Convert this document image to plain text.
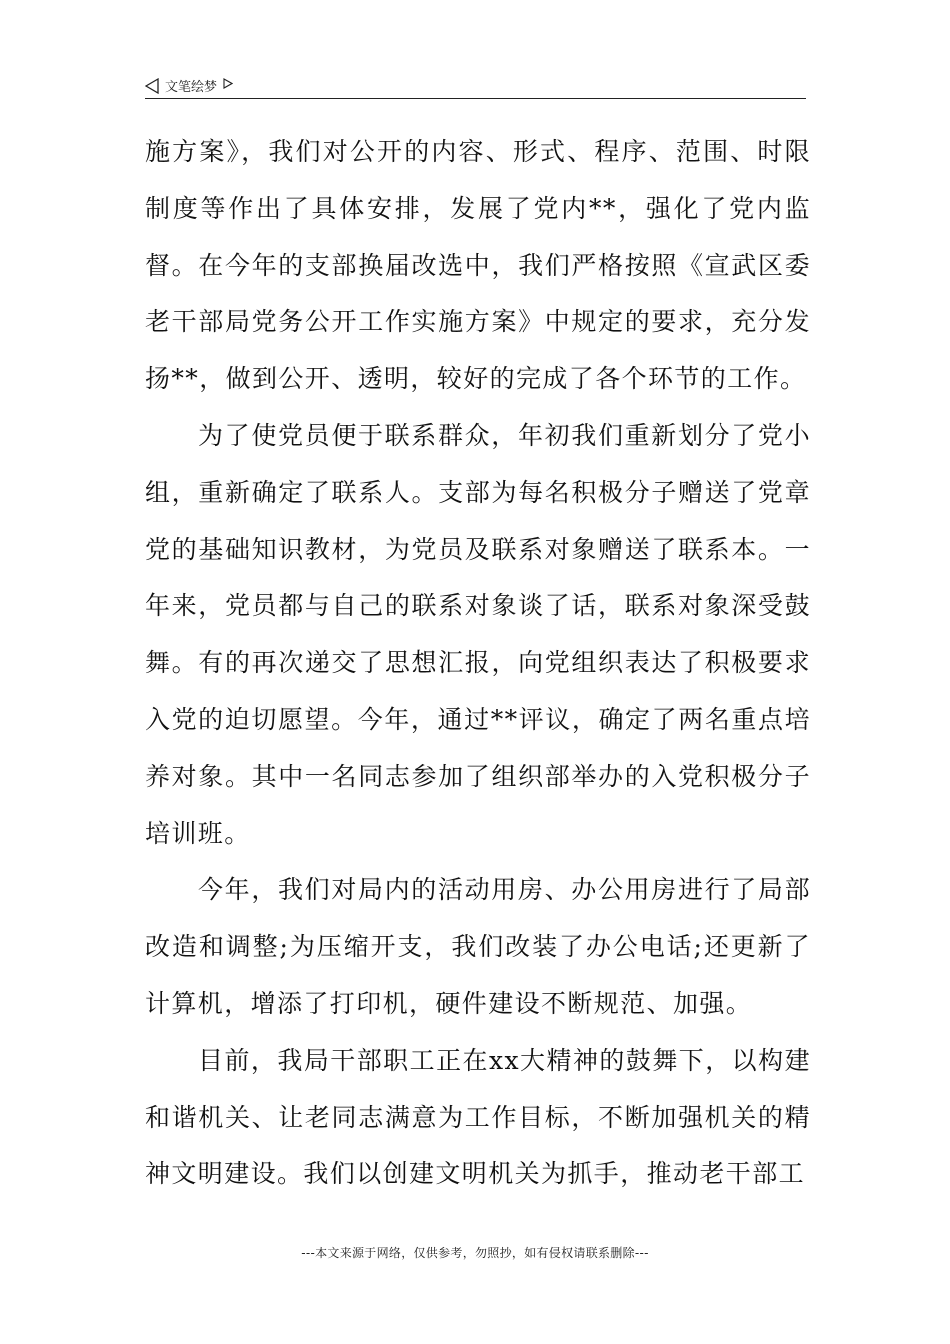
文笔绘梦

施方案》，我们对公开的内容、形式、程序、范围、时限制度等作出了具体安排，发展了党内**，强化了党内监督。在今年的支部换届改选中，我们严格按照《宣武区委老干部局党务公开工作实施方案》中规定的要求，充分发扬**，做到公开、透明，较好的完成了各个环节的工作。

为了使党员便于联系群众，年初我们重新划分了党小组，重新确定了联系人。支部为每名积极分子赠送了党章党的基础知识教材，为党员及联系对象赠送了联系本。一年来，党员都与自己的联系对象谈了话，联系对象深受鼓舞。有的再次递交了思想汇报，向党组织表达了积极要求入党的迫切愿望。今年，通过**评议，确定了两名重点培养对象。其中一名同志参加了组织部举办的入党积极分子培训班。

今年，我们对局内的活动用房、办公用房进行了局部改造和调整;为压缩开支，我们改装了办公电话;还更新了计算机，增添了打印机，硬件建设不断规范、加强。

目前，我局干部职工正在xx大精神的鼓舞下，以构建和谐机关、让老同志满意为工作目标，不断加强机关的精神文明建设。我们以创建文明机关为抓手，推动老干部工

---本文来源于网络，仅供参考，勿照抄，如有侵权请联系删除---
